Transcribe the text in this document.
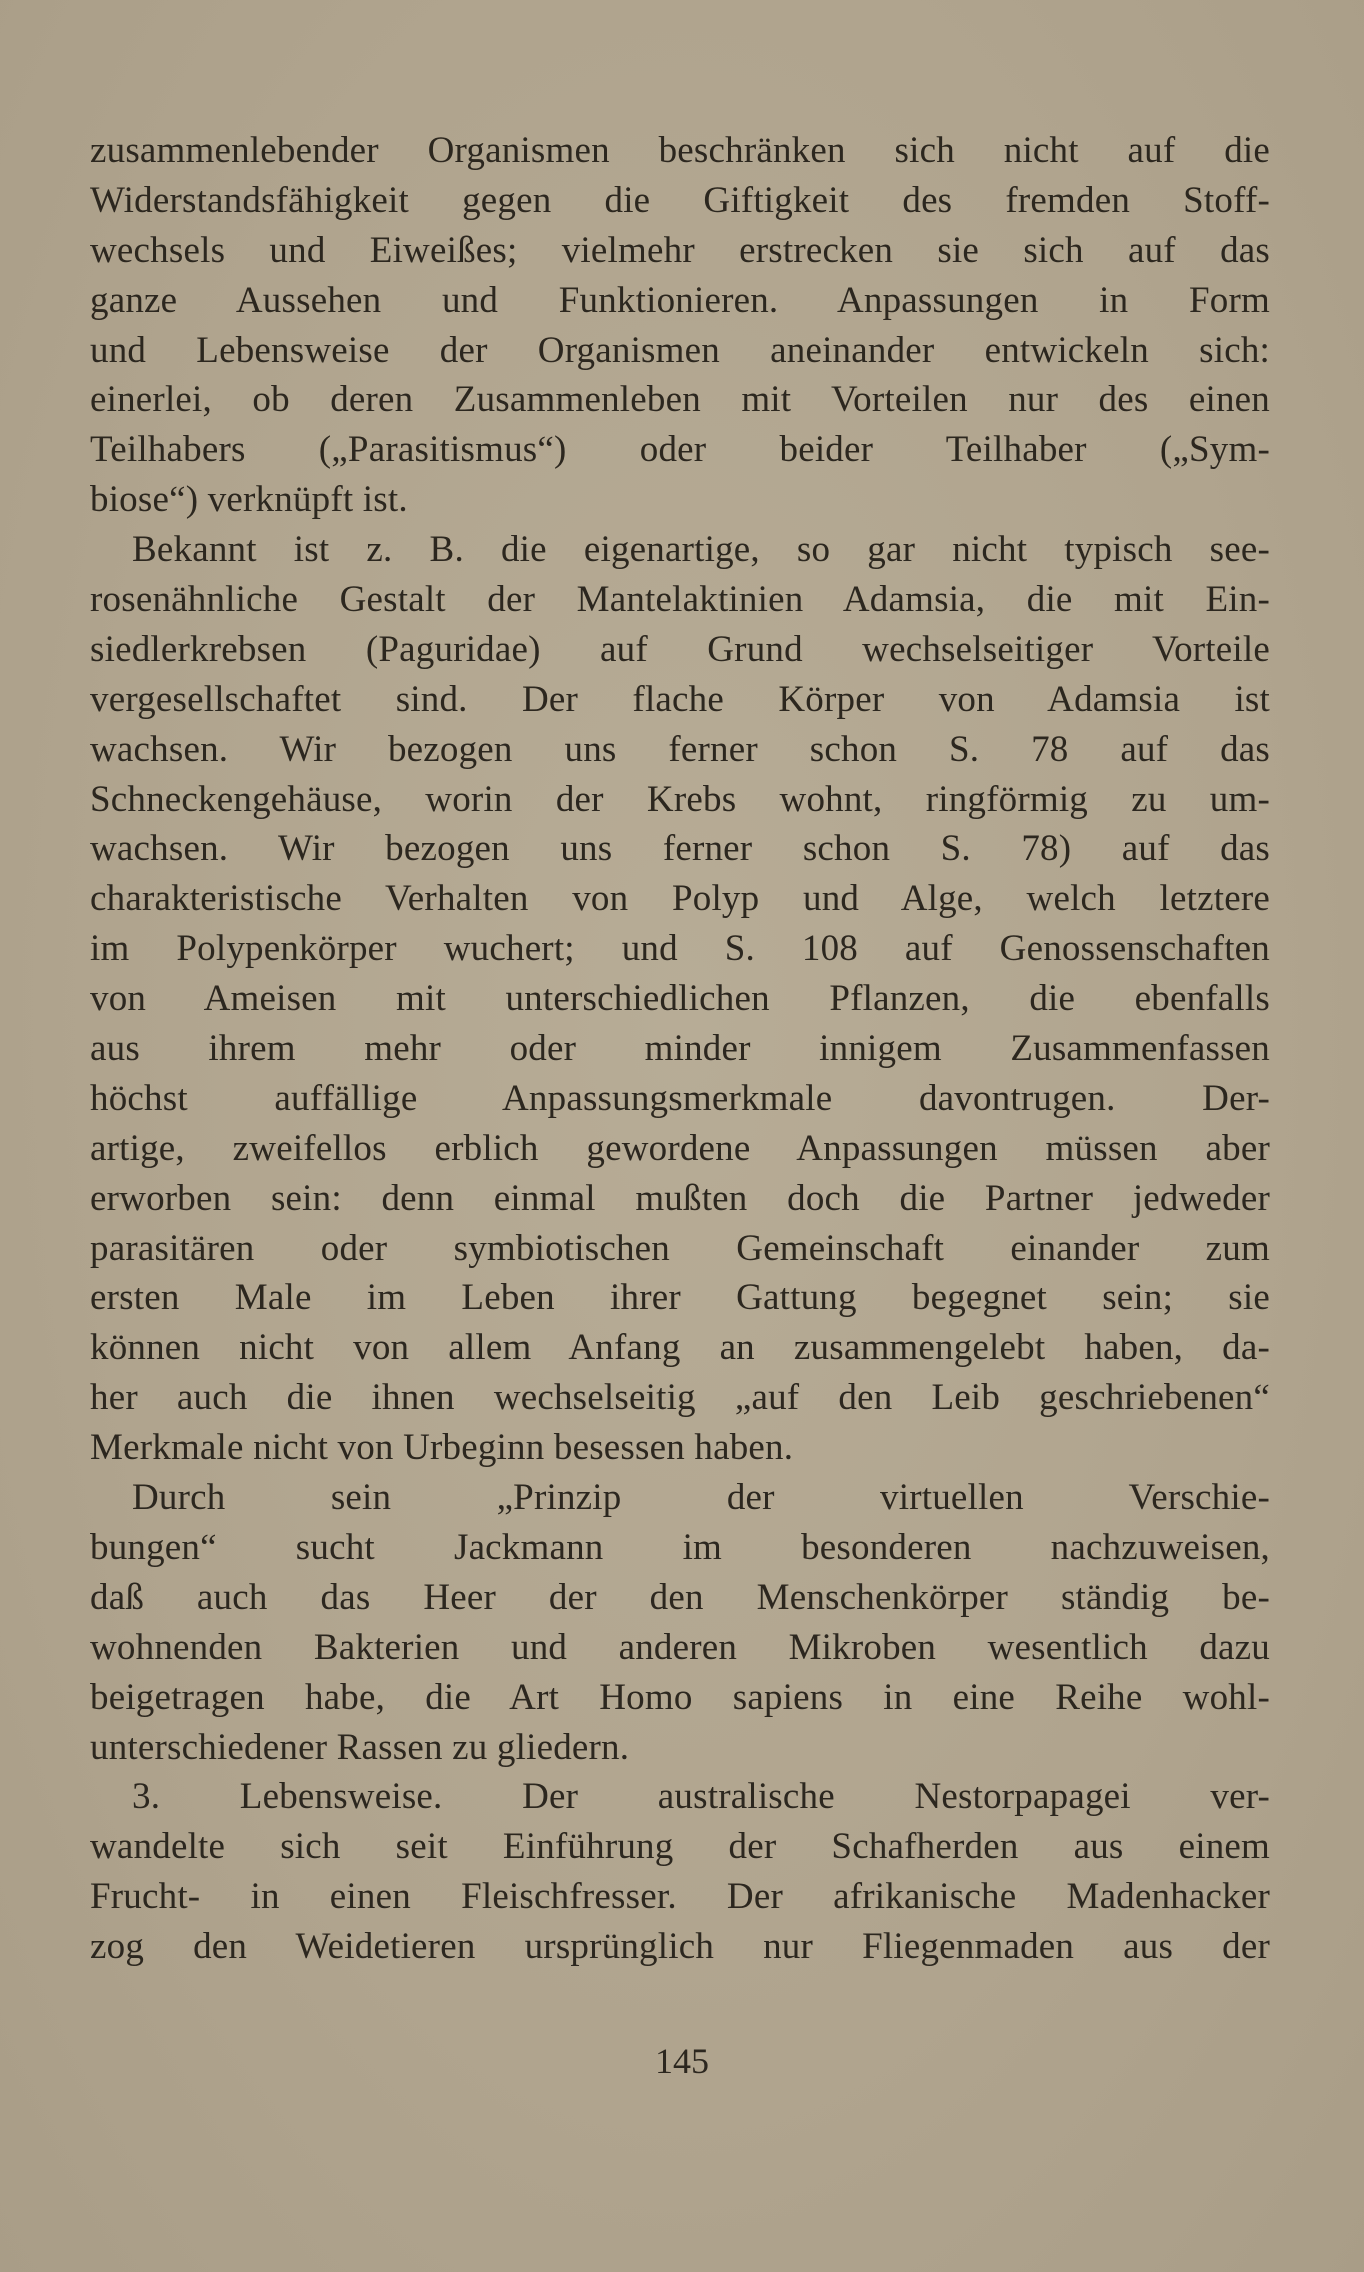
zusammenlebender Organismen beschränken sich nicht auf die
Widerstandsfähigkeit gegen die Giftigkeit des fremden Stoff-
wechsels und Eiweißes; vielmehr erstrecken sie sich auf das
ganze Aussehen und Funktionieren. Anpassungen in Form
und Lebensweise der Organismen aneinander entwickeln sich:
einerlei, ob deren Zusammenleben mit Vorteilen nur des einen
Teilhabers („Parasitismus“) oder beider Teilhaber („Sym-
biose“) verknüpft ist.
Bekannt ist z. B. die eigenartige, so gar nicht typisch see-
rosenähnliche Gestalt der Mantelaktinien Adamsia, die mit Ein-
siedlerkrebsen (Paguridae) auf Grund wechselseitiger Vorteile
vergesellschaftet sind. Der flache Körper von Adamsia ist
wachsen. Wir bezogen uns ferner schon S. 78 auf das
Schneckengehäuse, worin der Krebs wohnt, ringförmig zu um-
wachsen. Wir bezogen uns ferner schon S. 78) auf das
charakteristische Verhalten von Polyp und Alge, welch letztere
im Polypenkörper wuchert; und S. 108 auf Genossenschaften
von Ameisen mit unterschiedlichen Pflanzen, die ebenfalls
aus ihrem mehr oder minder innigem Zusammenfassen
höchst auffällige Anpassungsmerkmale davontrugen. Der-
artige, zweifellos erblich gewordene Anpassungen müssen aber
erworben sein: denn einmal mußten doch die Partner jedweder
parasitären oder symbiotischen Gemeinschaft einander zum
ersten Male im Leben ihrer Gattung begegnet sein; sie
können nicht von allem Anfang an zusammengelebt haben, da-
her auch die ihnen wechselseitig „auf den Leib geschriebenen“
Merkmale nicht von Urbeginn besessen haben.
Durch sein „Prinzip der virtuellen Verschie-
bungen“ sucht Jackmann im besonderen nachzuweisen,
daß auch das Heer der den Menschenkörper ständig be-
wohnenden Bakterien und anderen Mikroben wesentlich dazu
beigetragen habe, die Art Homo sapiens in eine Reihe wohl-
unterschiedener Rassen zu gliedern.
3. Lebensweise. Der australische Nestorpapagei ver-
wandelte sich seit Einführung der Schafherden aus einem
Frucht- in einen Fleischfresser. Der afrikanische Madenhacker
zog den Weidetieren ursprünglich nur Fliegenmaden aus der
145
